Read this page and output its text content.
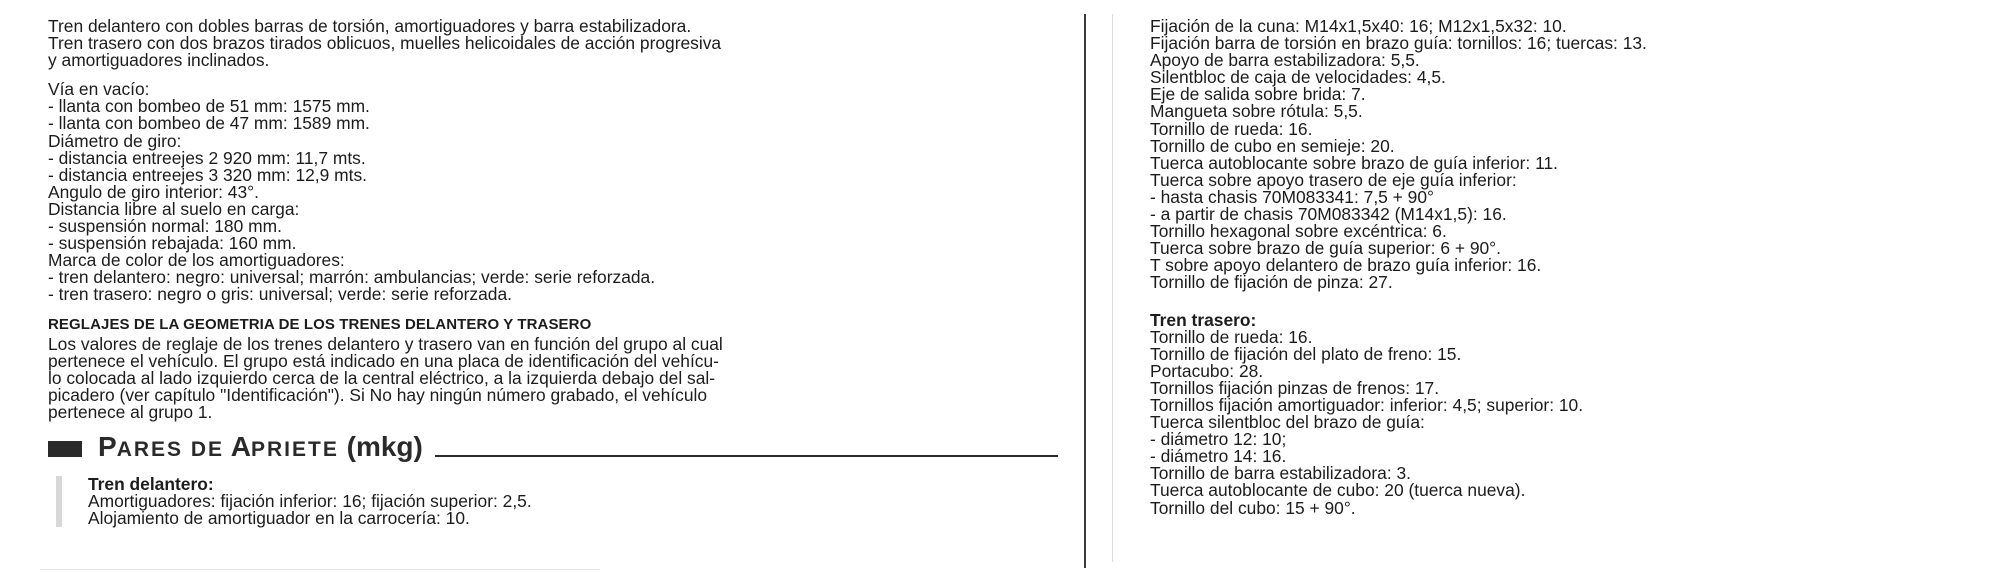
Tren delantero con dobles barras de torsión, amortiguadores y barra estabilizadora.
Tren trasero con dos brazos tirados oblicuos, muelles helicoidales de acción progresiva
y amortiguadores inclinados.
Vía en vacío:
- llanta con bombeo de 51 mm: 1575 mm.
- llanta con bombeo de 47 mm: 1589 mm.
Diámetro de giro:
- distancia entreejes 2 920 mm: 11,7 mts.
- distancia entreejes 3 320 mm: 12,9 mts.
Angulo de giro interior: 43°.
Distancia libre al suelo en carga:
- suspensión normal: 180 mm.
- suspensión rebajada: 160 mm.
Marca de color de los amortiguadores:
- tren delantero: negro: universal; marrón: ambulancias; verde: serie reforzada.
- tren trasero: negro o gris: universal; verde: serie reforzada.
REGLAJES DE LA GEOMETRIA DE LOS TRENES DELANTERO Y TRASERO
Los valores de reglaje de los trenes delantero y trasero van en función del grupo al cual
pertenece el vehículo. El grupo está indicado en una placa de identificación del vehícu-
lo colocada al lado izquierdo cerca de la central eléctrico, a la izquierda debajo del sal-
picadero (ver capítulo "Identificación"). Si No hay ningún número grabado, el vehículo
pertenece al grupo 1.
PARES DE APRIETE (mkg)
Tren delantero:
Amortiguadores: fijación inferior: 16; fijación superior: 2,5.
Alojamiento de amortiguador en la carrocería: 10.
Fijación de la cuna: M14x1,5x40: 16; M12x1,5x32: 10.
Fijación barra de torsión en brazo guía: tornillos: 16; tuercas: 13.
Apoyo de barra estabilizadora: 5,5.
Silentbloc de caja de velocidades: 4,5.
Eje de salida sobre brida: 7.
Mangueta sobre rótula: 5,5.
Tornillo de rueda: 16.
Tornillo de cubo en semieje: 20.
Tuerca autoblocante sobre brazo de guía inferior: 11.
Tuerca sobre apoyo trasero de eje guía inferior:
- hasta chasis 70M083341: 7,5 + 90°
- a partir de chasis 70M083342 (M14x1,5): 16.
Tornillo hexagonal sobre excéntrica: 6.
Tuerca sobre brazo de guía superior: 6 + 90°.
T sobre apoyo delantero de brazo guía inferior: 16.
Tornillo de fijación de pinza: 27.
Tren trasero:
Tornillo de rueda: 16.
Tornillo de fijación del plato de freno: 15.
Portacubo: 28.
Tornillos fijación pinzas de frenos: 17.
Tornillos fijación amortiguador: inferior: 4,5; superior: 10.
Tuerca silentbloc del brazo de guía:
- diámetro 12: 10;
- diámetro 14: 16.
Tornillo de barra estabilizadora: 3.
Tuerca autoblocante de cubo: 20 (tuerca nueva).
Tornillo del cubo: 15 + 90°.
